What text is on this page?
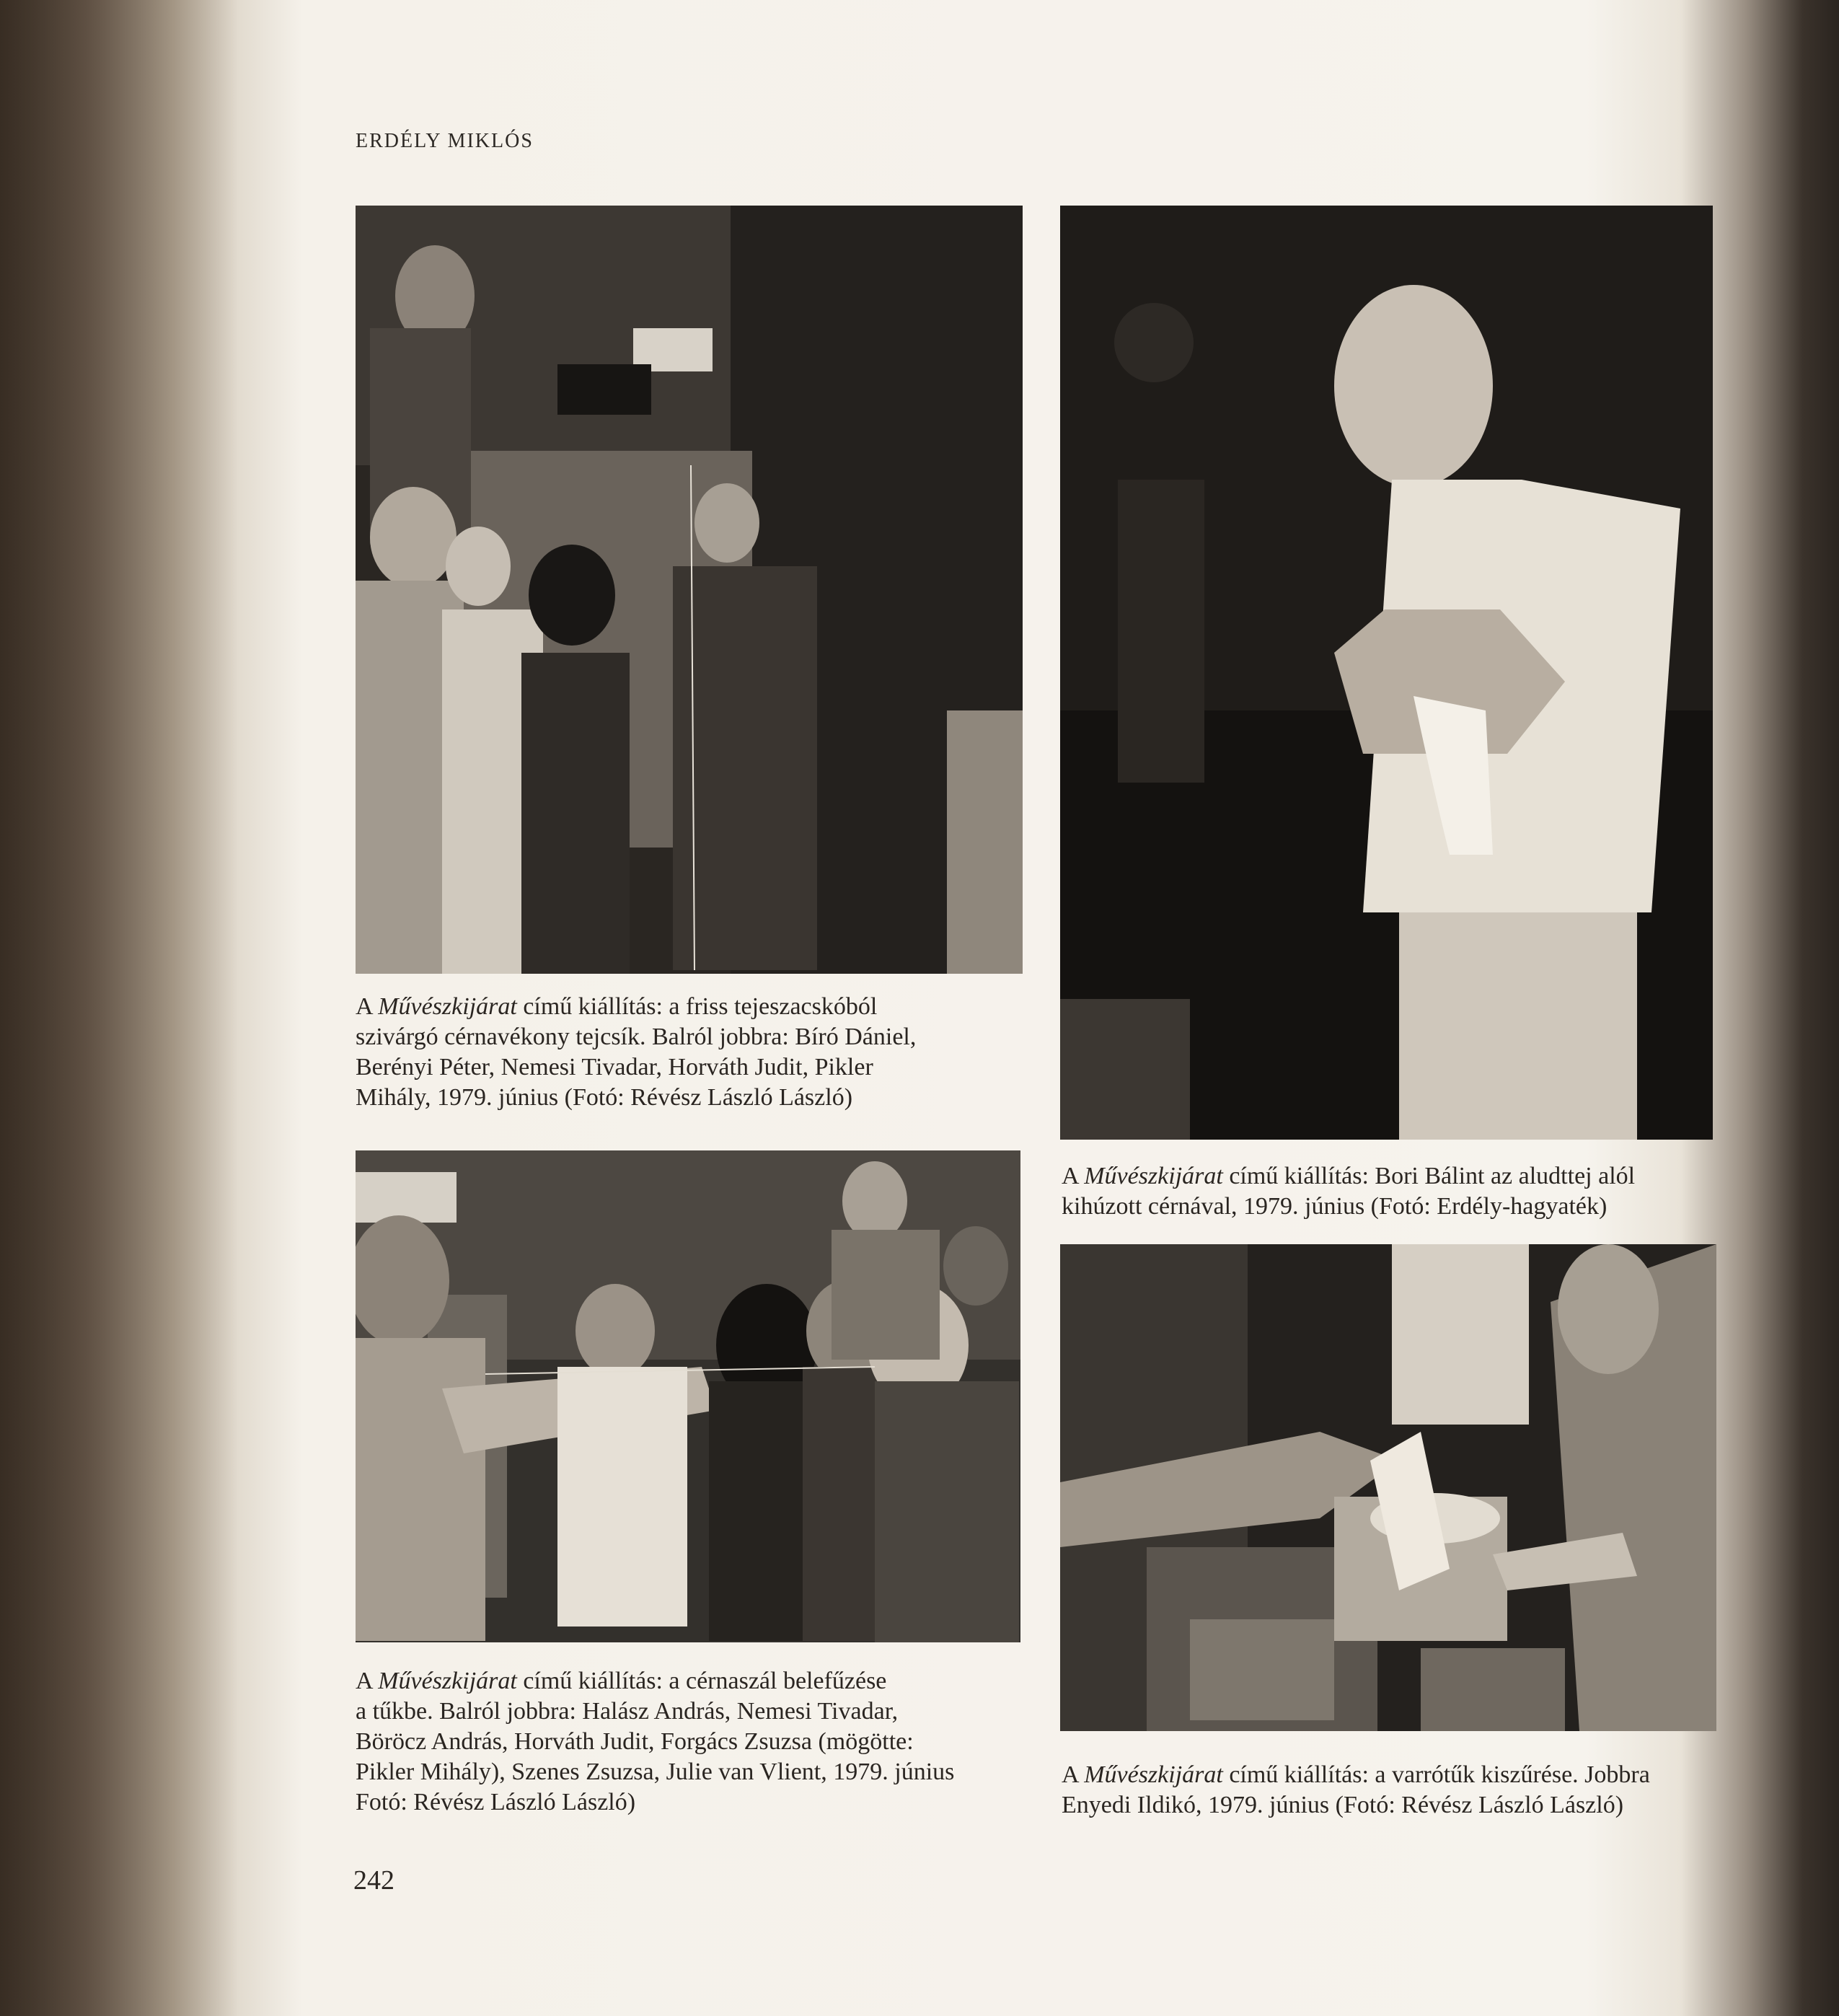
ERDÉLY MIKLÓS
A Művészkijárat című kiállítás: a friss tejeszacskóból
szivárgó cérnavékony tejcsík. Balról jobbra: Bíró Dániel,
Berényi Péter, Nemesi Tivadar, Horváth Judit, Pikler
Mihály, 1979. június (Fotó: Révész László László)
A Művészkijárat című kiállítás: Bori Bálint az aludttej alól
kihúzott cérnával, 1979. június (Fotó: Erdély-hagyaték)
A Művészkijárat című kiállítás: a cérnaszál belefűzése
a tűkbe. Balról jobbra: Halász András, Nemesi Tivadar,
Böröcz András, Horváth Judit, Forgács Zsuzsa (mögötte:
Pikler Mihály), Szenes Zsuzsa, Julie van Vlient, 1979. június
Fotó: Révész László László)
A Művészkijárat című kiállítás: a varrótűk kiszűrése. Jobbra
Enyedi Ildikó, 1979. június (Fotó: Révész László László)
242
